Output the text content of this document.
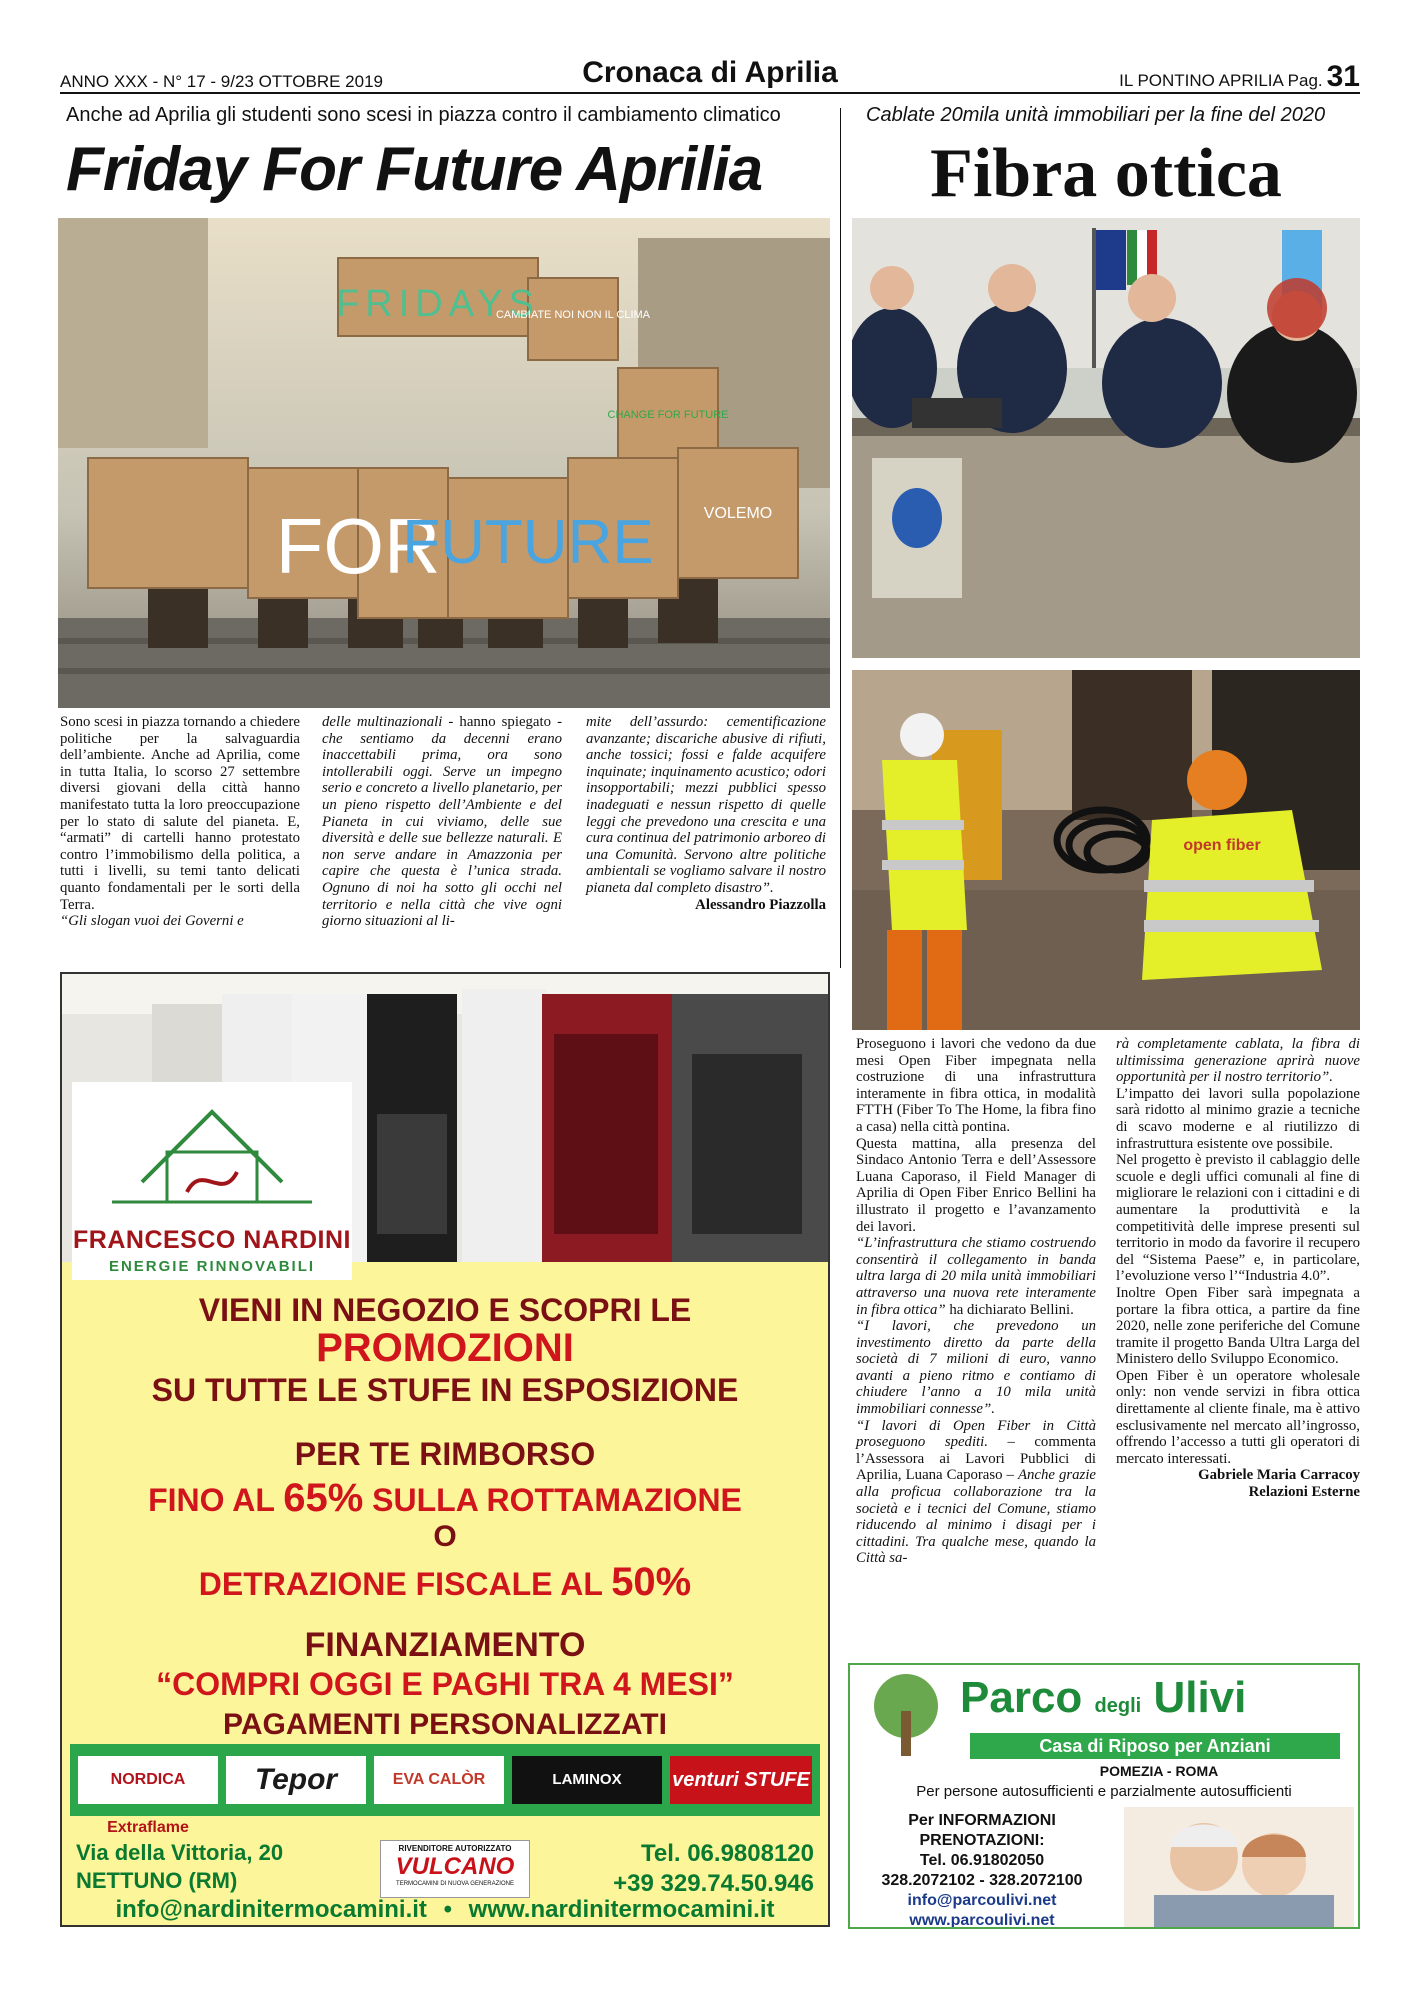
ANNO XXX - N° 17 - 9/23 OTTOBRE 2019	Cronaca di Aprilia	IL PONTINO APRILIA Pag. 31
Anche ad Aprilia gli studenti sono scesi in piazza contro il cambiamento climatico
Friday For Future Aprilia
FRIDAYS
FOR
FUTURE
CAMBIATE NOI NON IL CLIMA
VOLEMO
CHANGE FOR FUTURE
Sono scesi in piazza tornando a chiedere politiche per la salvaguardia dell’ambiente. Anche ad Aprilia, come in tutta Italia, lo scorso 27 settembre diversi giovani della città hanno manifestato tutta la loro preoccupazione per lo stato di salute del pianeta. E, “armati” di cartelli hanno protestato contro l’immobilismo della politica, a tutti i livelli, su temi tanto delicati quanto fondamentali per le sorti della Terra.
“Gli slogan vuoi dei Governi e
delle multinazionali - hanno spiegato - che sentiamo da decenni erano inaccettabili prima, ora sono intollerabili oggi. Serve un impegno serio e concreto a livello planetario, per un pieno rispetto dell’Ambiente e del Pianeta in cui viviamo, delle sue diversità e delle sue bellezze naturali. E non serve andare in Amazzonia per capire che questa è l’unica strada. Ognuno di noi ha sotto gli occhi nel territorio e nella città che vive ogni giorno situazioni al li-
mite dell’assurdo: cementificazione avanzante; discariche abusive di rifiuti, anche tossici; fossi e falde acquifere inquinate; inquinamento acustico; odori insopportabili; mezzi pubblici spesso inadeguati e nessun rispetto di quelle leggi che prevedono una crescita e una cura continua del patrimonio arboreo di una Comunità. Servono altre politiche ambientali se vogliamo salvare il nostro pianeta dal completo disastro”.
Alessandro Piazzolla
Cablate 20mila unità immobiliari per la fine del 2020
Fibra ottica
open fiber
Proseguono i lavori che vedono da due mesi Open Fiber impegnata nella costruzione di una infrastruttura interamente in fibra ottica, in modalità FTTH (Fiber To The Home, la fibra fino a casa) nella città pontina.
Questa mattina, alla presenza del Sindaco Antonio Terra e dell’Assessore Luana Caporaso, il Field Manager di Aprilia di Open Fiber Enrico Bellini ha illustrato il progetto e l’avanzamento dei lavori.
“L’infrastruttura che stiamo costruendo consentirà il collegamento in banda ultra larga di 20 mila unità immobiliari attraverso una nuova rete interamente in fibra ottica” ha dichiarato Bellini.
“I lavori, che prevedono un investimento diretto da parte della società di 7 milioni di euro, vanno avanti a pieno ritmo e contiamo di chiudere l’anno a 10 mila unità immobiliari connesse”.
“I lavori di Open Fiber in Città proseguono spediti. – commenta l’Assessora ai Lavori Pubblici di Aprilia, Luana Caporaso – Anche grazie alla proficua collaborazione tra la società e i tecnici del Comune, stiamo riducendo al minimo i disagi per i cittadini. Tra qualche mese, quando la Città sa-
rà completamente cablata, la fibra di ultimissima generazione aprirà nuove opportunità per il nostro territorio”.
L’impatto dei lavori sulla popolazione sarà ridotto al minimo grazie a tecniche di scavo moderne e al riutilizzo di infrastruttura esistente ove possibile.
Nel progetto è previsto il cablaggio delle scuole e degli uffici comunali al fine di migliorare le relazioni con i cittadini e di aumentare la produttività e la competitività delle imprese presenti sul territorio in modo da favorire il recupero del “Sistema Paese” e, in particolare, l’evoluzione verso l’“Industria 4.0”.
Inoltre Open Fiber sarà impegnata a portare la fibra ottica, a partire da fine 2020, nelle zone periferiche del Comune tramite il progetto Banda Ultra Larga del Ministero dello Sviluppo Economico.
Open Fiber è un operatore wholesale only: non vende servizi in fibra ottica direttamente al cliente finale, ma è attivo esclusivamente nel mercato all’ingrosso, offrendo l’accesso a tutti gli operatori di mercato interessati.
Gabriele Maria Carracoy
Relazioni Esterne
FRANCESCO NARDINI
ENERGIE RINNOVABILI
VIENI IN NEGOZIO E SCOPRI LE
PROMOZIONI
SU TUTTE LE STUFE IN ESPOSIZIONE
PER TE RIMBORSO
FINO AL 65% SULLA ROTTAMAZIONE
O
DETRAZIONE FISCALE AL 50%
FINANZIAMENTO
“COMPRI OGGI E PAGHI TRA 4 MESI”
PAGAMENTI PERSONALIZZATI
NORDICA Extraflame
Tepor	EVA CALÒR	LAMINOX	venturi STUFE
Via della Vittoria, 20
NETTUNO (RM)
RIVENDITORE AUTORIZZATO
VULCANO
TERMOCAMINI DI NUOVA GENERAZIONE
Tel. 06.9808120
+39 329.74.50.946
Parco degli Ulivi
Casa di Riposo per Anziani
POMEZIA - ROMA
Per persone autosufficienti e parzialmente autosufficienti
Per INFORMAZIONI
PRENOTAZIONI:
Tel. 06.91802050
328.2072102 - 328.2072100
info@parcoulivi.net
www.parcoulivi.net
info@nardinitermocamini.it • www.nardinitermocamini.it
